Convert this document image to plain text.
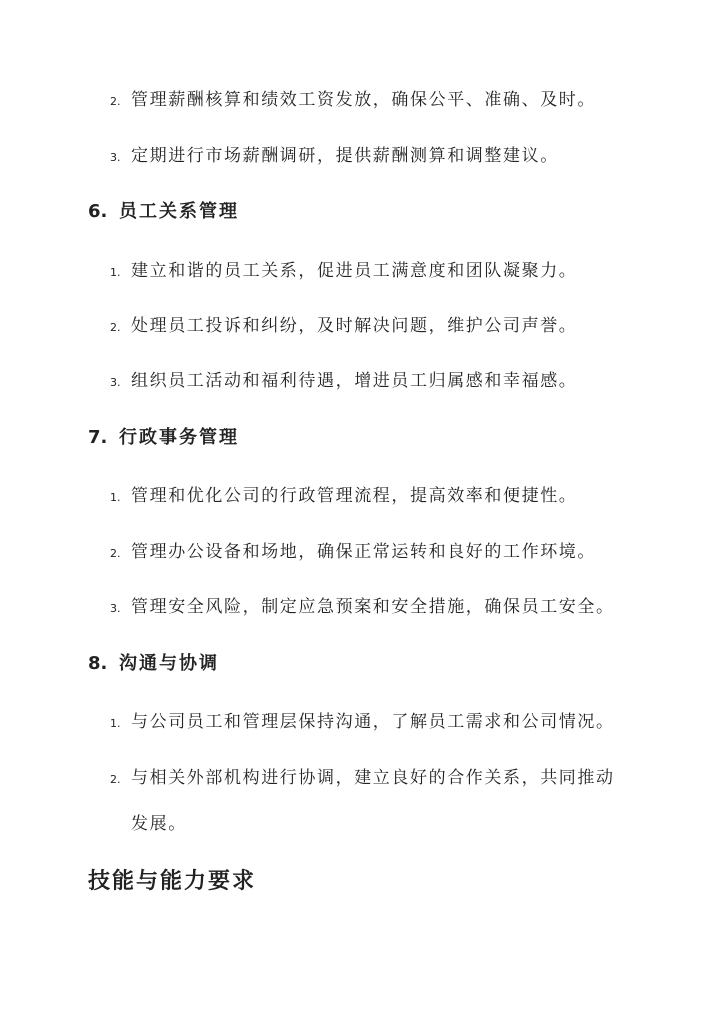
2. 管理薪酬核算和绩效工资发放，确保公平、准确、及时。
3. 定期进行市场薪酬调研，提供薪酬测算和调整建议。
6. 员工关系管理
1. 建立和谐的员工关系，促进员工满意度和团队凝聚力。
2. 处理员工投诉和纠纷，及时解决问题，维护公司声誉。
3. 组织员工活动和福利待遇，增进员工归属感和幸福感。
7. 行政事务管理
1. 管理和优化公司的行政管理流程，提高效率和便捷性。
2. 管理办公设备和场地，确保正常运转和良好的工作环境。
3. 管理安全风险，制定应急预案和安全措施，确保员工安全。
8. 沟通与协调
1. 与公司员工和管理层保持沟通，了解员工需求和公司情况。
2. 与相关外部机构进行协调，建立良好的合作关系，共同推动
发展。
技能与能力要求
